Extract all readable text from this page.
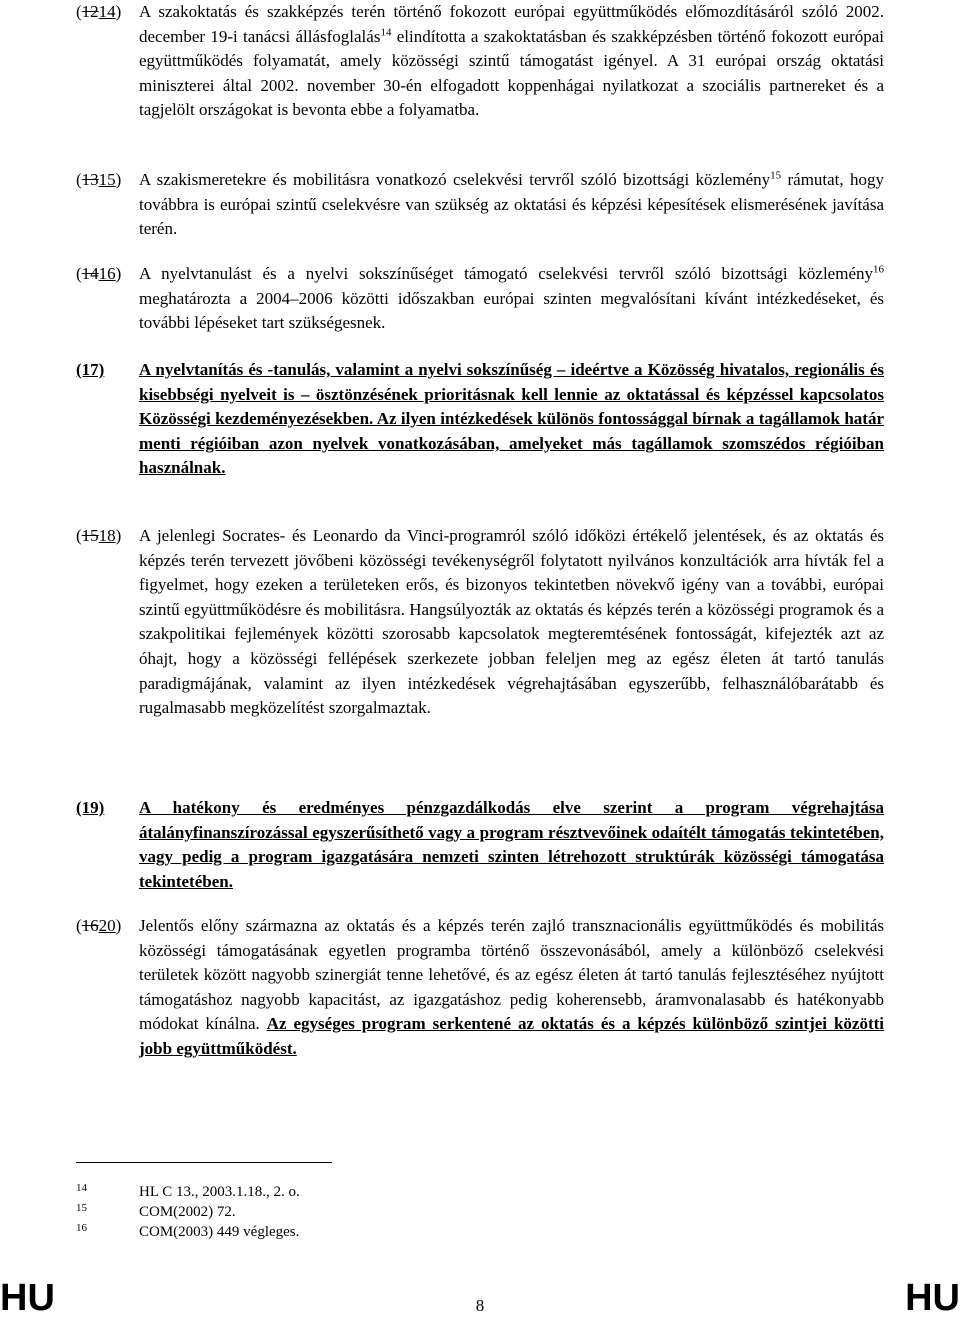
(1214) A szakoktatás és szakképzés terén történő fokozott európai együttműködés előmozdításáról szóló 2002. december 19-i tanácsi állásfoglalás$^{14}$ elindította a szakoktatásban és szakképzésben történő fokozott európai együttműködés folyamatát, amely közösségi szintű támogatást igényel. A 31 európai ország oktatási miniszterei által 2002. november 30-én elfogadott koppenhágai nyilatkozat a szociális partnereket és a tagjelölt országokat is bevonta ebbe a folyamatba.
(1315) A szakismeretekre és mobilitásra vonatkozó cselekvési tervről szóló bizottsági közlemény$^{15}$ rámutat, hogy továbbra is európai szintű cselekvésre van szükség az oktatási és képzési képesítések elismerésének javítása terén.
(1416) A nyelvtanulást és a nyelvi sokszínűséget támogató cselekvési tervről szóló bizottsági közlemény$^{16}$ meghatározta a 2004–2006 közötti időszakban európai szinten megvalósítani kívánt intézkedéseket, és további lépéseket tart szükségesnek.
(17) A nyelvtanítás és -tanulás, valamint a nyelvi sokszínűség – ideértve a Közösség hivatalos, regionális és kisebbségi nyelveit is – ösztönzésének prioritásnak kell lennie az oktatással és képzéssel kapcsolatos Közösségi kezdeményezésekben. Az ilyen intézkedések különös fontossággal bírnak a tagállamok határ menti régióiban azon nyelvek vonatkozásában, amelyeket más tagállamok szomszédos régióiban használnak.
(1518) A jelenlegi Socrates- és Leonardo da Vinci-programról szóló időközi értékelő jelentések, és az oktatás és képzés terén tervezett jövőbeni közösségi tevékenységről folytatott nyilvános konzultációk arra hívták fel a figyelmet, hogy ezeken a területeken erős, és bizonyos tekintetben növekvő igény van a további, európai szintű együttműködésre és mobilitásra. Hangsúlyozták az oktatás és képzés terén a közösségi programok és a szakpolitikai fejlemények közötti szorosabb kapcsolatok megteremtésének fontosságát, kifejezték azt az óhajt, hogy a közösségi fellépések szerkezete jobban feleljen meg az egész életen át tartó tanulás paradigmájának, valamint az ilyen intézkedések végrehajtásában egyszerűbb, felhasználóbarátabb és rugalmasabb megközelítést szorgalmaztak.
(19) A hatékony és eredményes pénzgazdálkodás elve szerint a program végrehajtása átalányfinanszírozással egyszerűsíthető vagy a program résztvevőinek odaítélt támogatás tekintetében, vagy pedig a program igazgatására nemzeti szinten létrehozott struktúrák közösségi támogatása tekintetében.
(1620) Jelentős előny származna az oktatás és a képzés terén zajló transznacionális együttműködés és mobilitás közösségi támogatásának egyetlen programba történő összevonásából, amely a különböző cselekvési területek között nagyobb szinergiát tenne lehetővé, és az egész életen át tartó tanulás fejlesztéséhez nyújtott támogatáshoz nagyobb kapacitást, az igazgatáshoz pedig koherensebb, áramvonalasabb és hatékonyabb módokat kínálna. Az egységes program serkentené az oktatás és a képzés különböző szintjei közötti jobb együttműködést.
14	HL C 13., 2003.1.18., 2. o.
15	COM(2002) 72.
16	COM(2003) 449 végleges.
HU	8	HU
